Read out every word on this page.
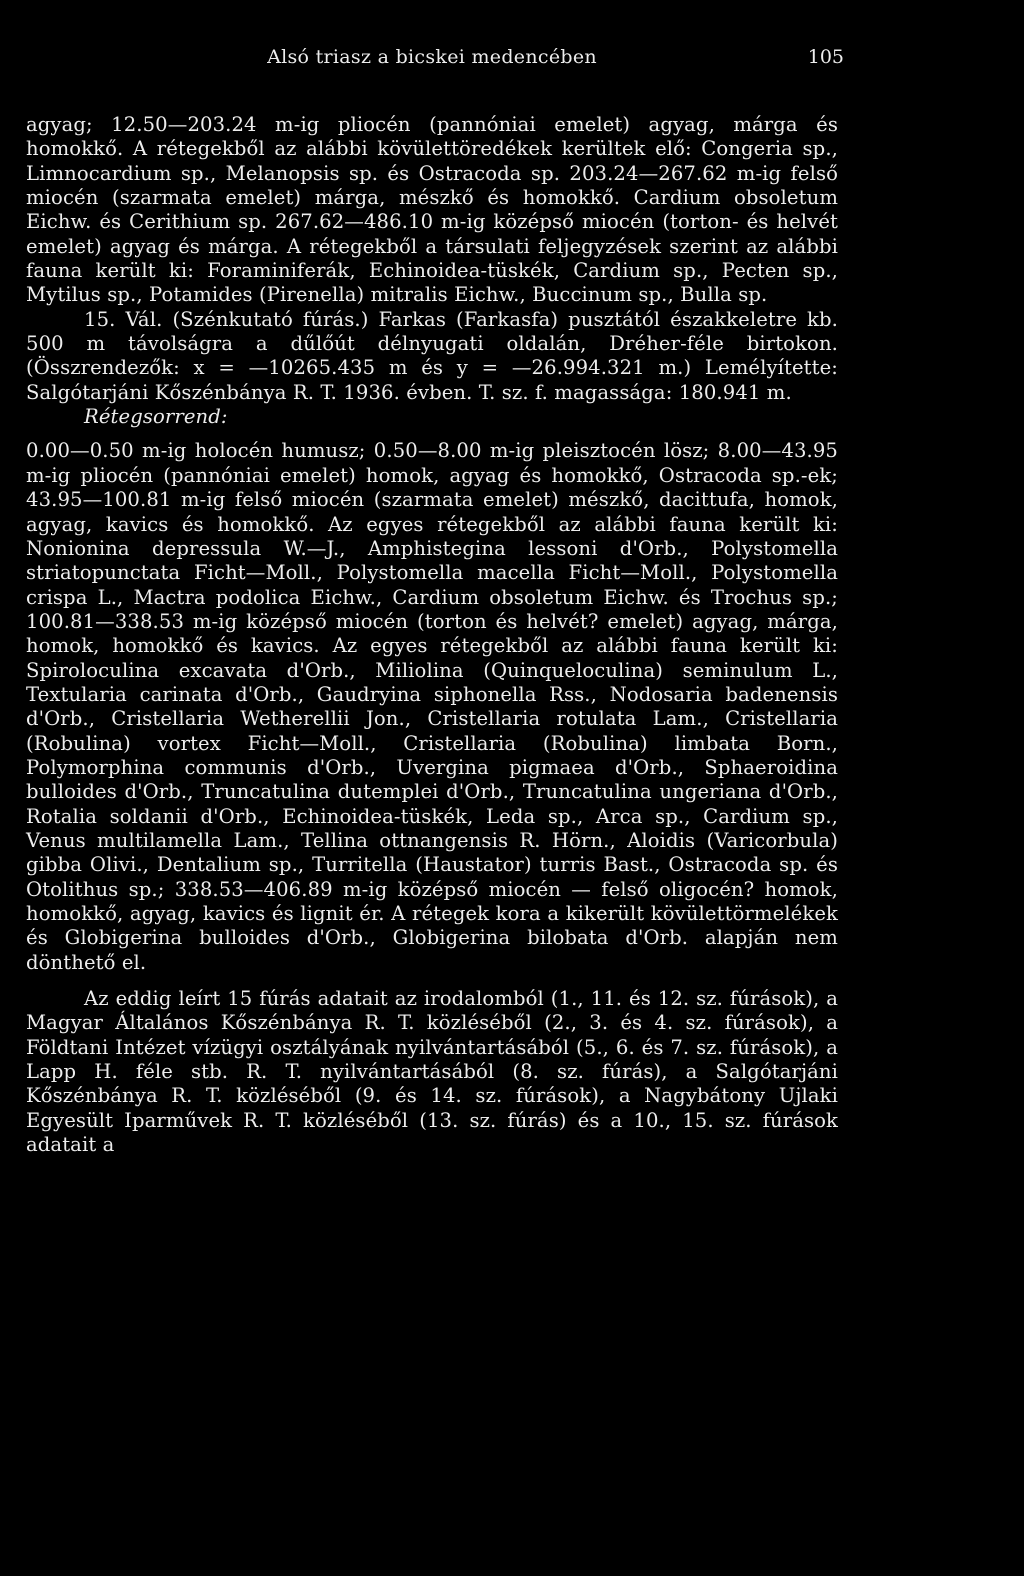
Alsó triasz a bicskei medencében	105

agyag; 12.50—203.24 m-ig pliocén (pannóniai emelet) agyag, márga és homokkő. A rétegekből az alábbi kövülettöredékek kerültek elő: Congeria sp., Limnocardium sp., Melanopsis sp. és Ostracoda sp. 203.24—267.62 m-ig felső miocén (szarmata emelet) márga, mészkő és homokkő. Cardium obsoletum Eichw. és Cerithium sp. 267.62—486.10 m-ig középső miocén (torton- és helvét emelet) agyag és márga. A rétegekből a társulati feljegyzések szerint az alábbi fauna került ki: Foraminiferák, Echinoidea-tüskék, Cardium sp., Pecten sp., Mytilus sp., Potamides (Pirenella) mitralis Eichw., Buccinum sp., Bulla sp.

15. Vál. (Szénkutató fúrás.) Farkas (Farkasfa) pusztától északkeletre kb. 500 m távolságra a dűlőút délnyugati oldalán, Dréher-féle birtokon. (Összrendezők: x = —10265.435 m és y = —26.994.321 m.) Lemélyítette: Salgótarjáni Kőszénbánya R. T. 1936. évben. T. sz. f. magassága: 180.941 m.

Rétegsorrend:

0.00—0.50 m-ig holocén humusz; 0.50—8.00 m-ig pleisztocén lösz; 8.00—43.95 m-ig pliocén (pannóniai emelet) homok, agyag és homokkő, Ostracoda sp.-ek; 43.95—100.81 m-ig felső miocén (szarmata emelet) mészkő, dacittufa, homok, agyag, kavics és homokkő. Az egyes rétegekből az alábbi fauna került ki: Nonionina depressula W.—J., Amphistegina lessoni d'Orb., Polystomella striatopunctata Ficht—Moll., Polystomella macella Ficht—Moll., Polystomella crispa L., Mactra podolica Eichw., Cardium obsoletum Eichw. és Trochus sp.; 100.81—338.53 m-ig középső miocén (torton és helvét? emelet) agyag, márga, homok, homokkő és kavics. Az egyes rétegekből az alábbi fauna került ki: Spiroloculina excavata d'Orb., Miliolina (Quinqueloculina) seminulum L., Textularia carinata d'Orb., Gaudryina siphonella Rss., Nodosaria badenensis d'Orb., Cristellaria Wetherellii Jon., Cristellaria rotulata Lam., Cristellaria (Robulina) vortex Ficht—Moll., Cristellaria (Robulina) limbata Born., Polymorphina communis d'Orb., Uvergina pigmaea d'Orb., Sphaeroidina bulloides d'Orb., Truncatulina dutemplei d'Orb., Truncatulina ungeriana d'Orb., Rotalia soldanii d'Orb., Echinoidea-tüskék, Leda sp., Arca sp., Cardium sp., Venus multilamella Lam., Tellina ottnangensis R. Hörn., Aloidis (Varicorbula) gibba Olivi., Dentalium sp., Turritella (Haustator) turris Bast., Ostracoda sp. és Otolithus sp.; 338.53—406.89 m-ig középső miocén — felső oligocén? homok, homokkő, agyag, kavics és lignit ér. A rétegek kora a kikerült kövülettörmelékek és Globigerina bulloides d'Orb., Globigerina bilobata d'Orb. alapján nem dönthető el.

Az eddig leírt 15 fúrás adatait az irodalomból (1., 11. és 12. sz. fúrások), a Magyar Általános Kőszénbánya R. T. közléséből (2., 3. és 4. sz. fúrások), a Földtani Intézet vízügyi osztályának nyilvántartásából (5., 6. és 7. sz. fúrások), a Lapp H. féle stb. R. T. nyilvántartásából (8. sz. fúrás), a Salgótarjáni Kőszénbánya R. T. közléséből (9. és 14. sz. fúrások), a Nagybátony Ujlaki Egyesült Iparművek R. T. közléséből (13. sz. fúrás) és a 10., 15. sz. fúrások adatait a
